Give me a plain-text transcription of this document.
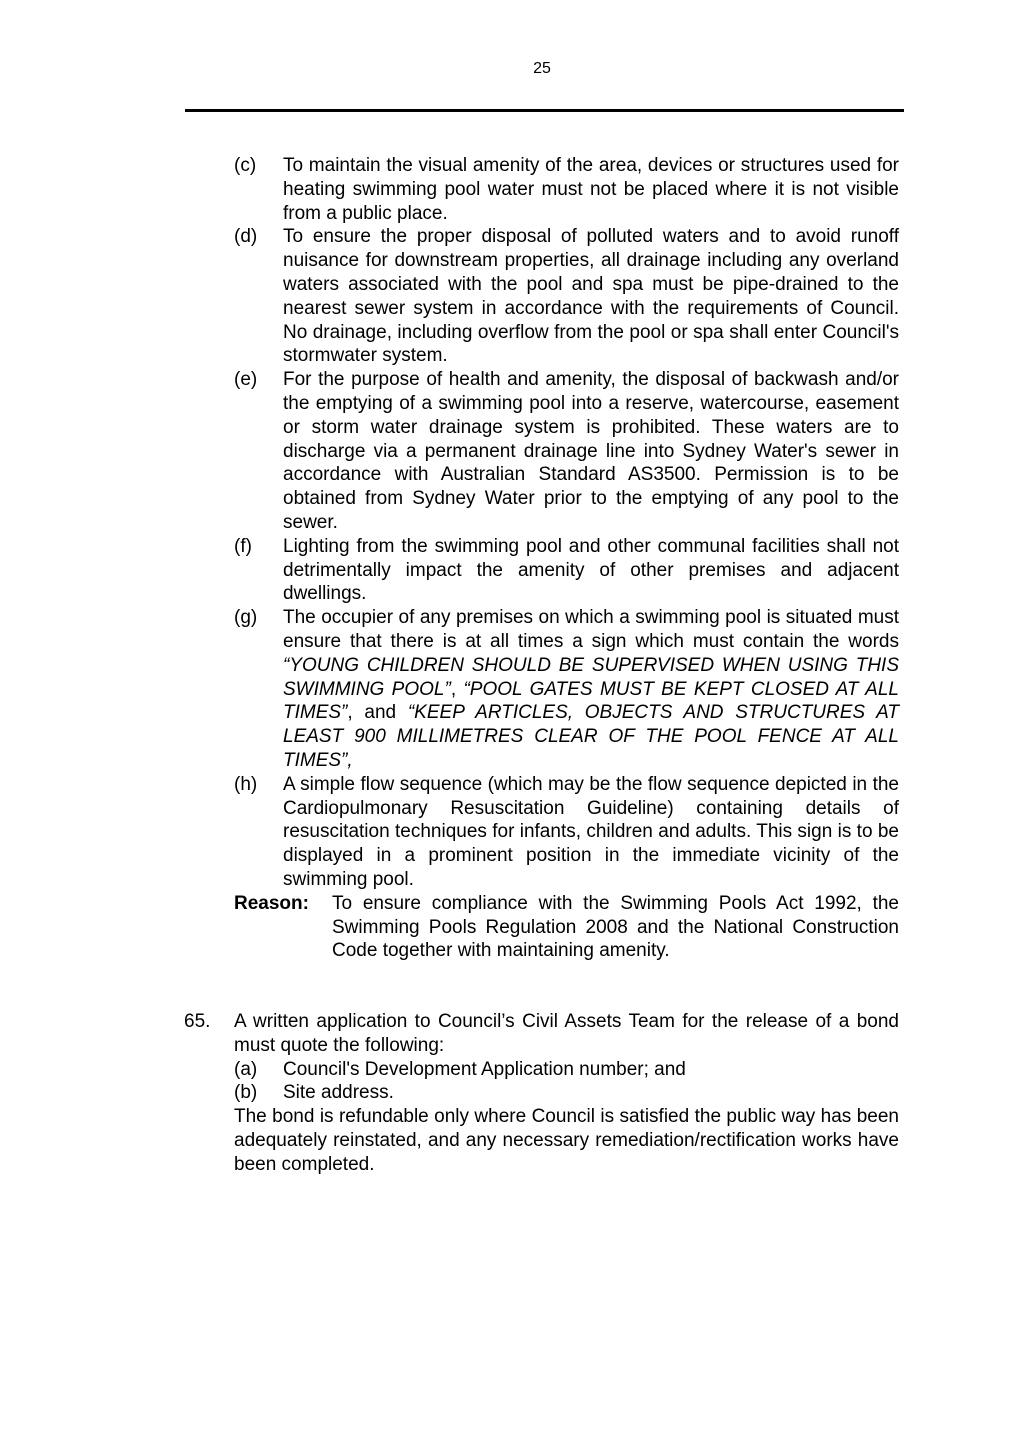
25
(c) To maintain the visual amenity of the area, devices or structures used for heating swimming pool water must not be placed where it is not visible from a public place.
(d) To ensure the proper disposal of polluted waters and to avoid runoff nuisance for downstream properties, all drainage including any overland waters associated with the pool and spa must be pipe-drained to the nearest sewer system in accordance with the requirements of Council. No drainage, including overflow from the pool or spa shall enter Council's stormwater system.
(e) For the purpose of health and amenity, the disposal of backwash and/or the emptying of a swimming pool into a reserve, watercourse, easement or storm water drainage system is prohibited. These waters are to discharge via a permanent drainage line into Sydney Water's sewer in accordance with Australian Standard AS3500. Permission is to be obtained from Sydney Water prior to the emptying of any pool to the sewer.
(f) Lighting from the swimming pool and other communal facilities shall not detrimentally impact the amenity of other premises and adjacent dwellings.
(g) The occupier of any premises on which a swimming pool is situated must ensure that there is at all times a sign which must contain the words “YOUNG CHILDREN SHOULD BE SUPERVISED WHEN USING THIS SWIMMING POOL”, “POOL GATES MUST BE KEPT CLOSED AT ALL TIMES”, and “KEEP ARTICLES, OBJECTS AND STRUCTURES AT LEAST 900 MILLIMETRES CLEAR OF THE POOL FENCE AT ALL TIMES”,
(h) A simple flow sequence (which may be the flow sequence depicted in the Cardiopulmonary Resuscitation Guideline) containing details of resuscitation techniques for infants, children and adults. This sign is to be displayed in a prominent position in the immediate vicinity of the swimming pool.
Reason: To ensure compliance with the Swimming Pools Act 1992, the Swimming Pools Regulation 2008 and the National Construction Code together with maintaining amenity.
65. A written application to Council’s Civil Assets Team for the release of a bond must quote the following:
(a) Council's Development Application number; and
(b) Site address.
The bond is refundable only where Council is satisfied the public way has been adequately reinstated, and any necessary remediation/rectification works have been completed.
